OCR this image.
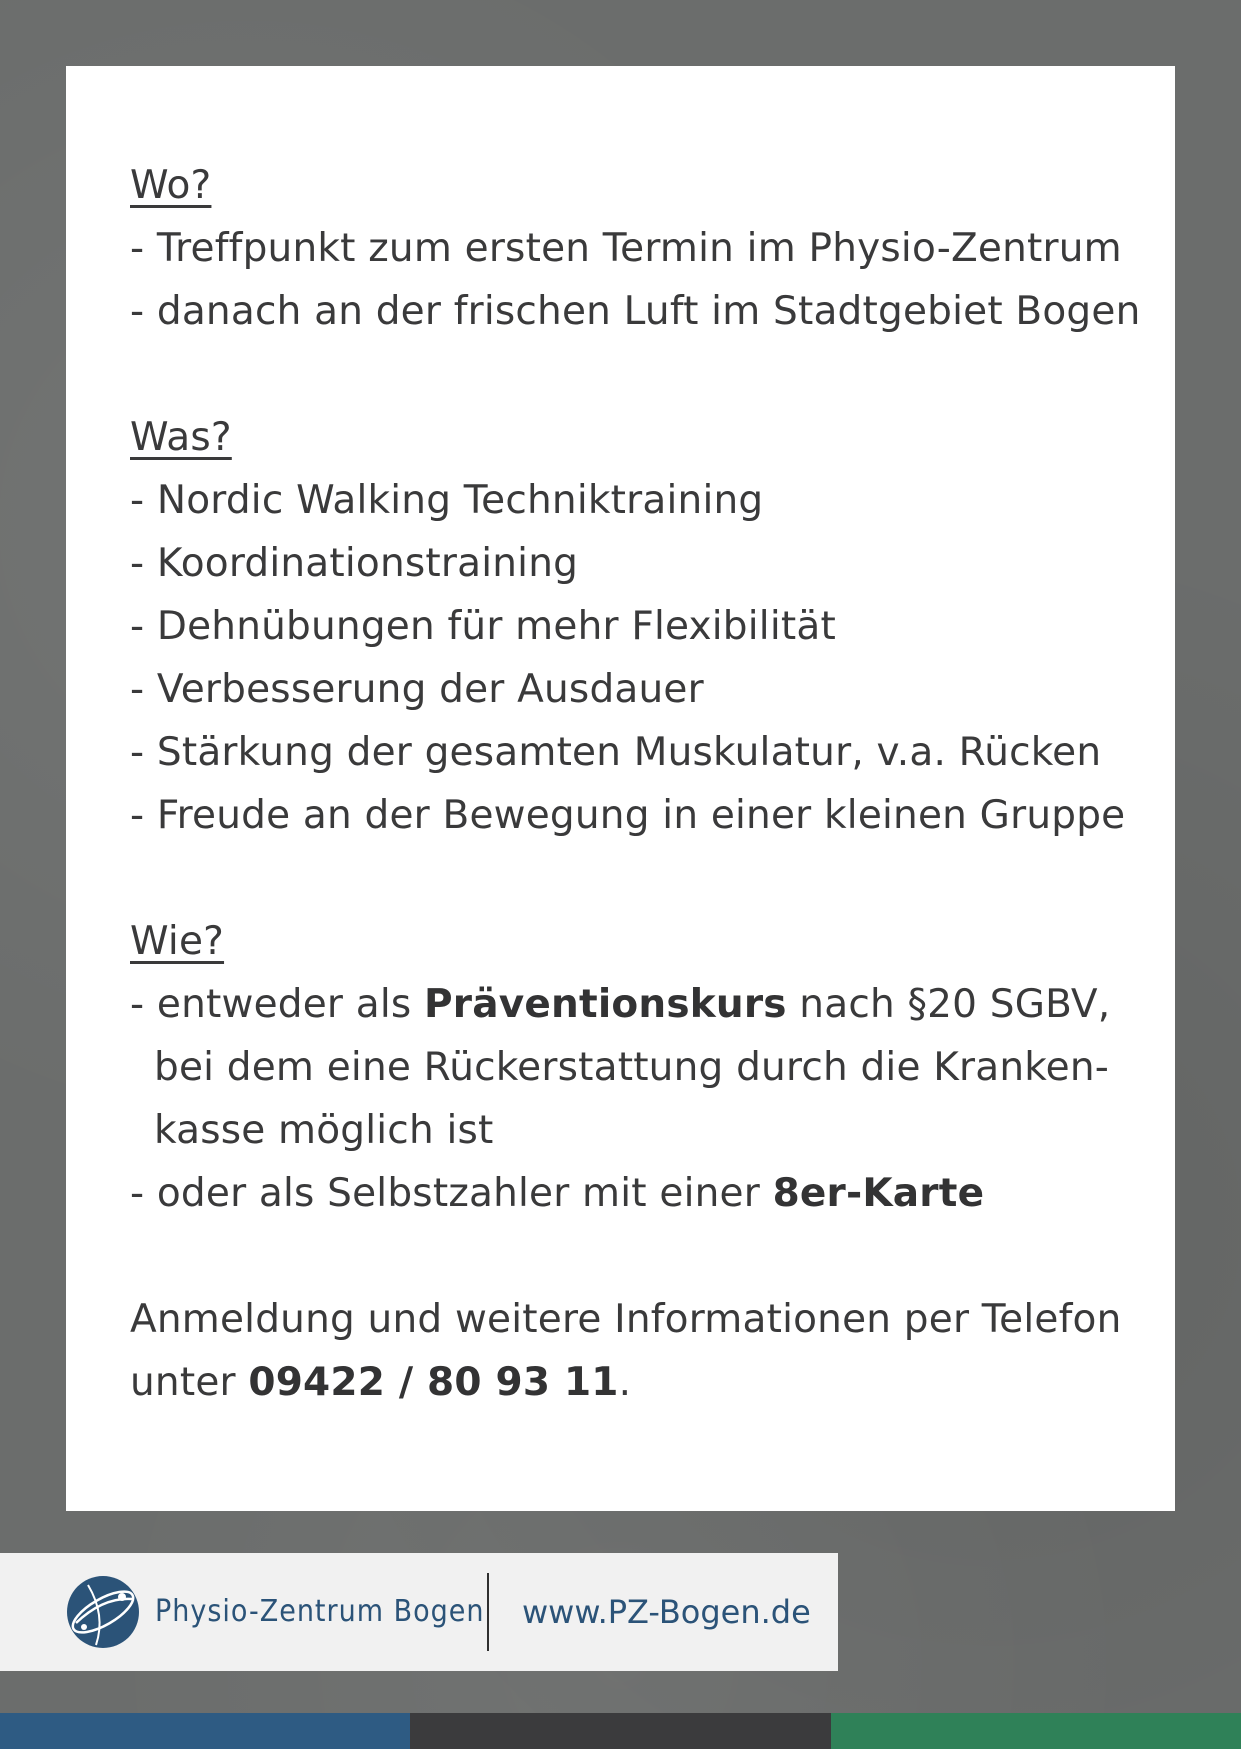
Wo?
- Treffpunkt zum ersten Termin im Physio-Zentrum
- danach an der frischen Luft im Stadtgebiet Bogen
Was?
- Nordic Walking Techniktraining
- Koordinationstraining
- Dehnübungen für mehr Flexibilität
- Verbesserung der Ausdauer
- Stärkung der gesamten Muskulatur, v.a. Rücken
- Freude an der Bewegung in einer kleinen Gruppe
Wie?
- entweder als Präventionskurs nach §20 SGBV,
bei dem eine Rückerstattung durch die Kranken-
kasse möglich ist
- oder als Selbstzahler mit einer 8er-Karte
Anmeldung und weitere Informationen per Telefon
unter 09422 / 80 93 11.
Physio-Zentrum Bogen www.PZ-Bogen.de
